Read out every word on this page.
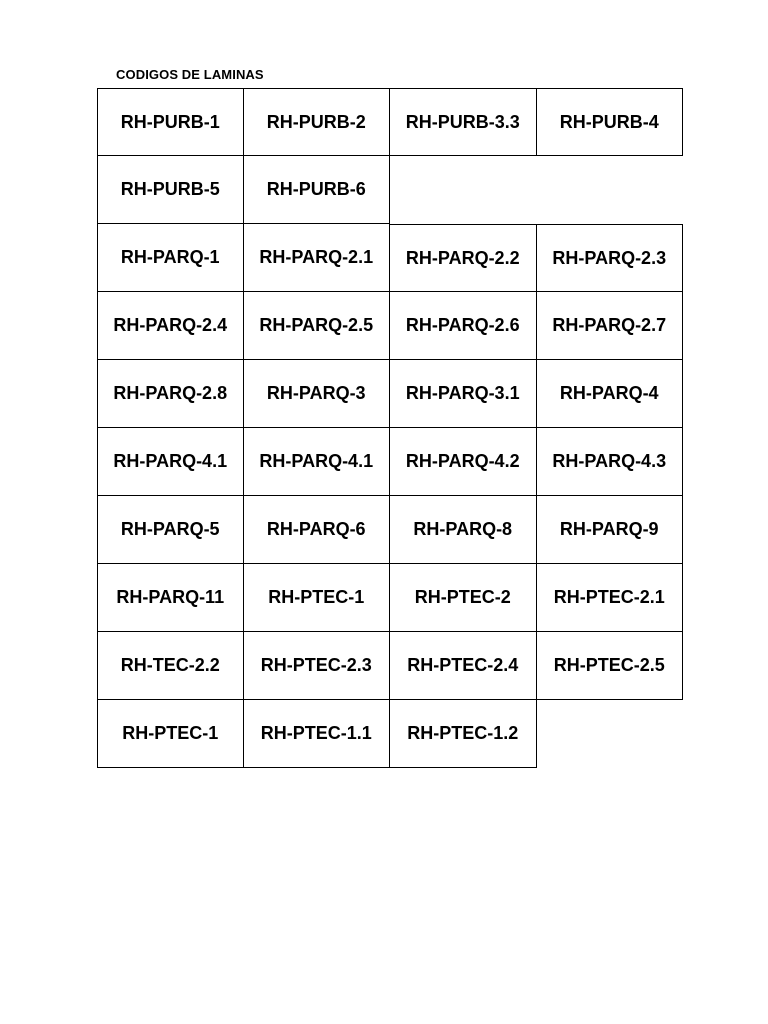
CODIGOS DE LAMINAS
RH-PURB-1	RH-PURB-2	RH-PURB-3.3	RH-PURB-4
RH-PURB-5	RH-PURB-6
RH-PARQ-1	RH-PARQ-2.1	RH-PARQ-2.2	RH-PARQ-2.3
RH-PARQ-2.4	RH-PARQ-2.5	RH-PARQ-2.6	RH-PARQ-2.7
RH-PARQ-2.8	RH-PARQ-3	RH-PARQ-3.1	RH-PARQ-4
RH-PARQ-4.1	RH-PARQ-4.1	RH-PARQ-4.2	RH-PARQ-4.3
RH-PARQ-5	RH-PARQ-6	RH-PARQ-8	RH-PARQ-9
RH-PARQ-11	RH-PTEC-1	RH-PTEC-2	RH-PTEC-2.1
RH-TEC-2.2	RH-PTEC-2.3	RH-PTEC-2.4	RH-PTEC-2.5
RH-PTEC-1	RH-PTEC-1.1	RH-PTEC-1.2
